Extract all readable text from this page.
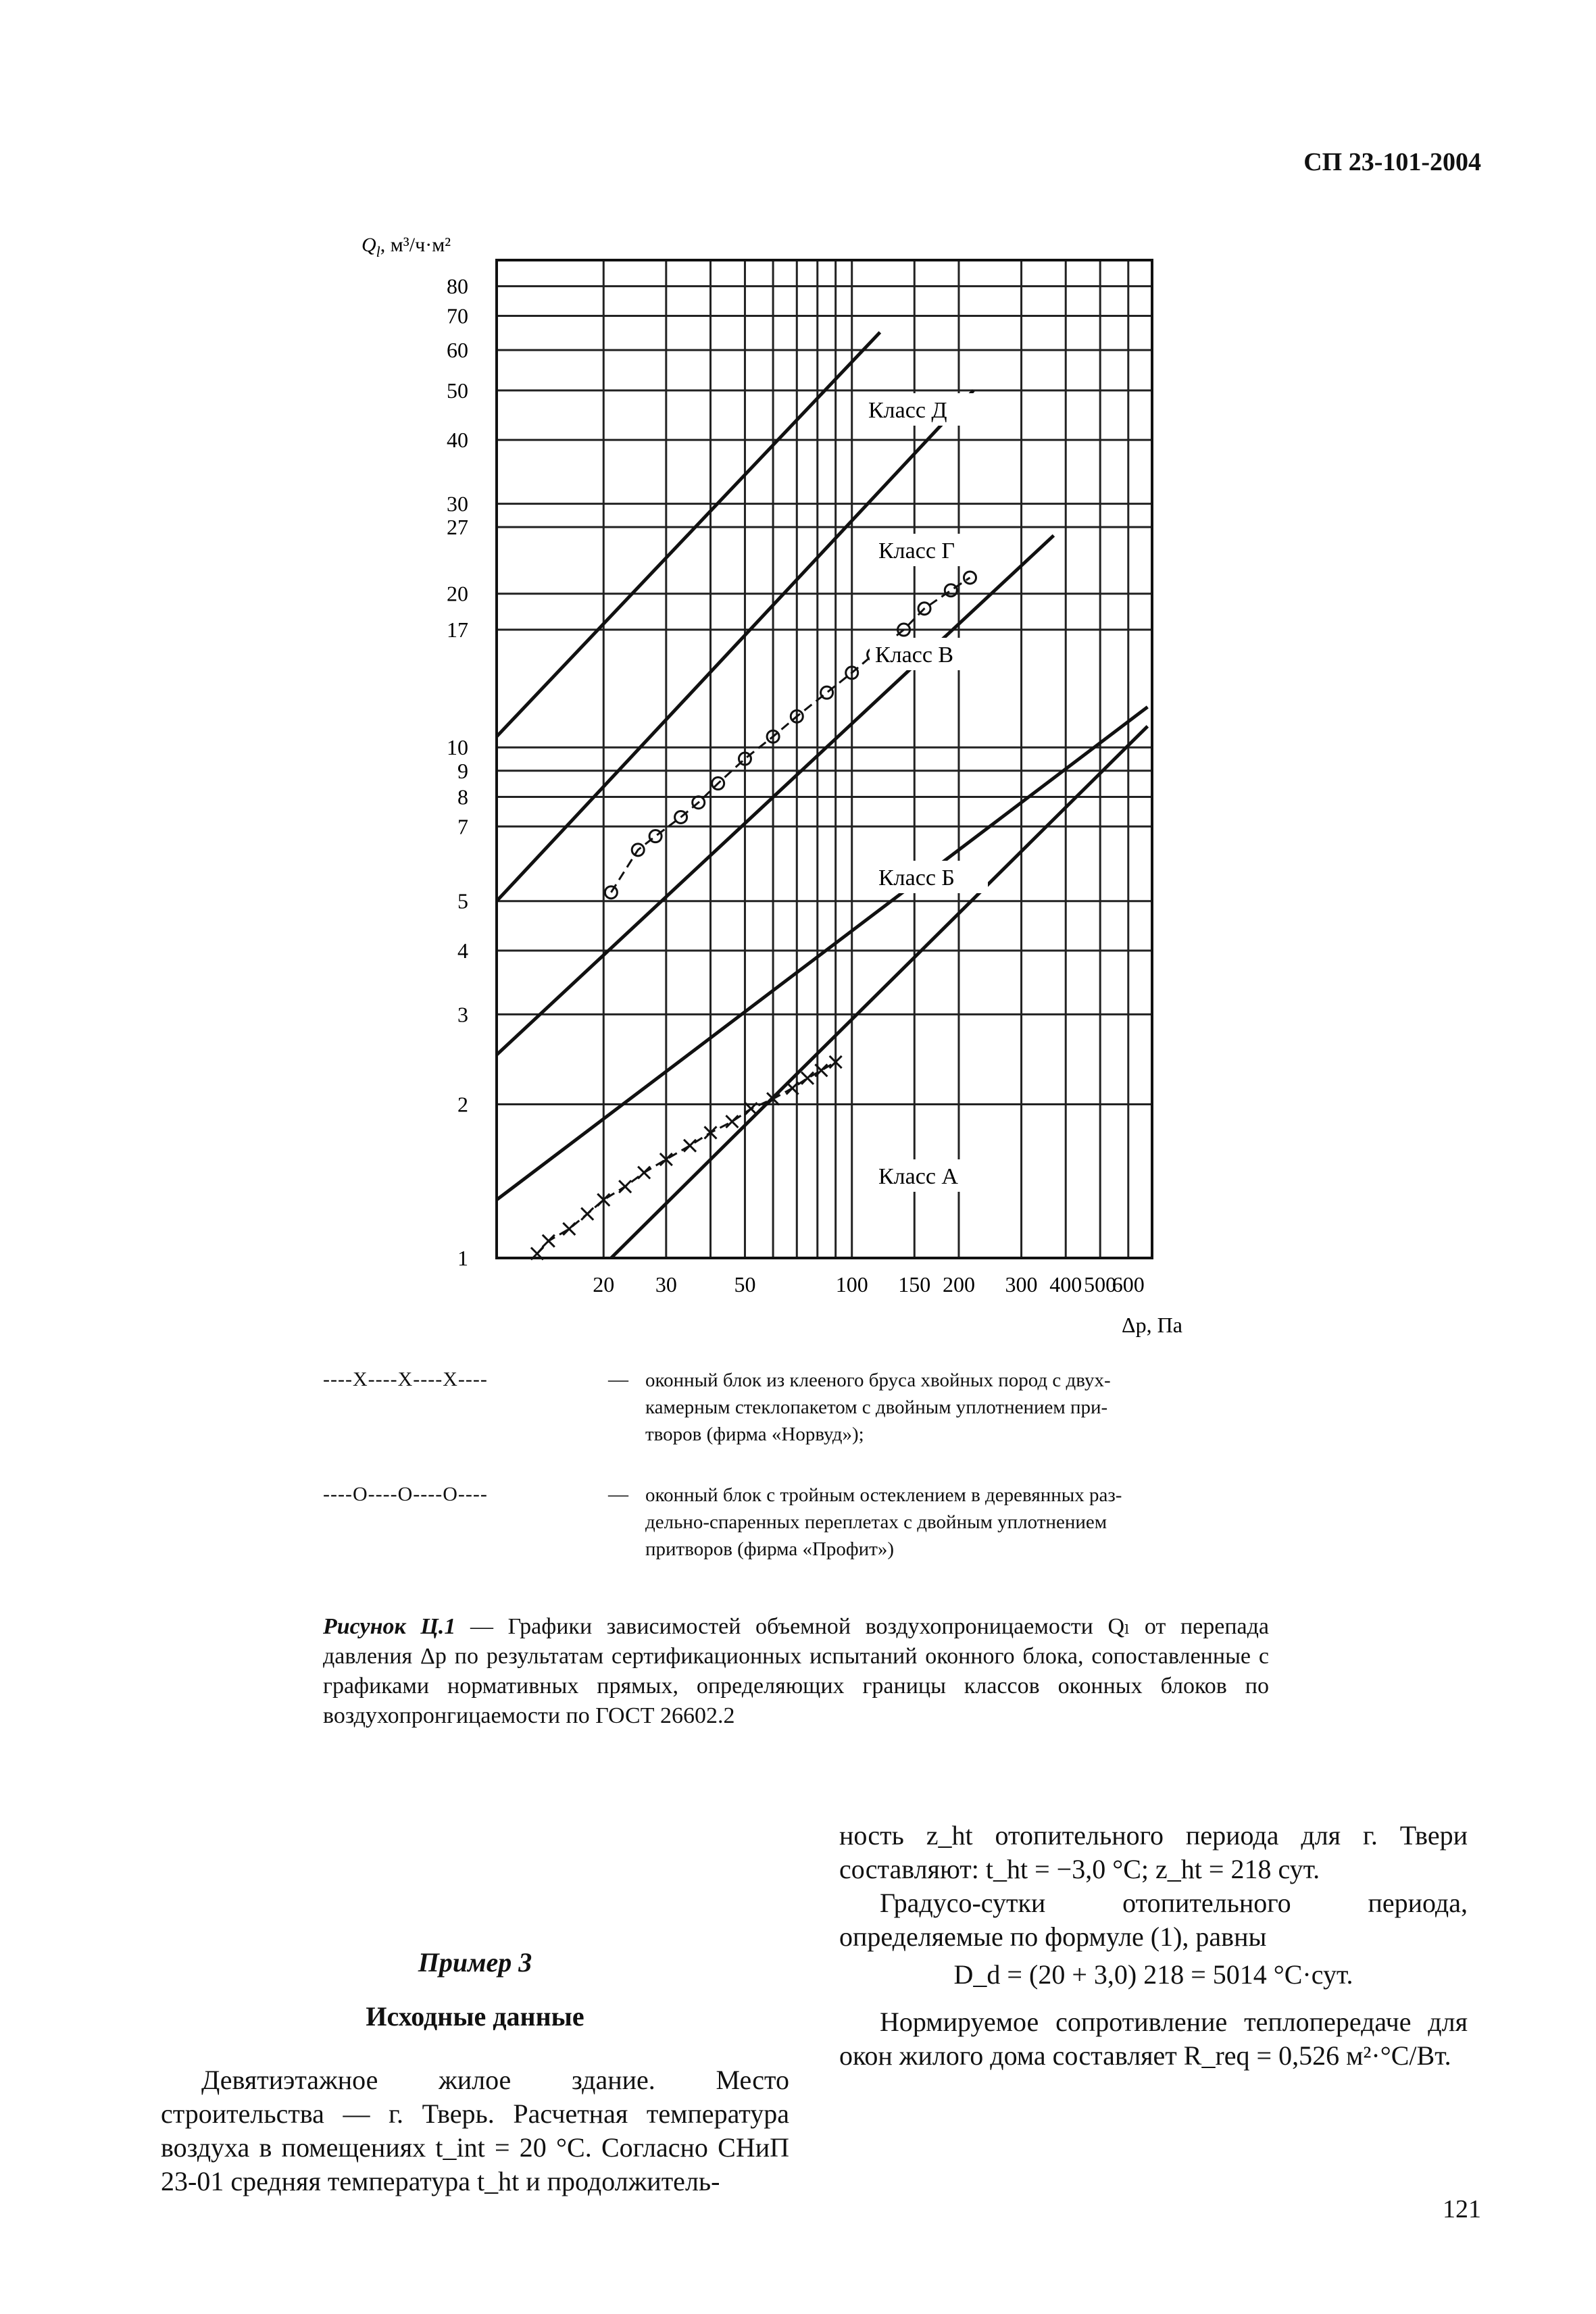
СП 23-101-2004
80
70
60
50
40
30
27
20
17
10
9
8
7
5
4
3
2
1
20 30	50	100 150 200 300 400 500
600
Класс Д
Класс Г
Класс В
Класс Б
Класс А
$Q_l$, м³/ч·м²
Δp, Па
----X----X----X----	— оконный блок из клееного бруса хвойных пород с двух-
камерным стеклопакетом с двойным уплотнением при-
творов (фирма «Норвуд»);
----O----O----O----	— оконный блок с тройным остеклением в деревянных раз-
дельно-спаренных переплетах с двойным уплотнением
притворов (фирма «Профит»)
Рисунок Ц.1 — Графики зависимостей объемной воздухопроницаемости Qₗ от перепада давления Δp по результатам сертификационных испытаний оконного блока, сопоставленные с графиками нормативных прямых, определяющих границы классов оконных блоков по воздухопронгицаемости по ГОСТ 26602.2
Пример 3
Исходные данные
Девятиэтажное жилое здание. Место строительства — г. Тверь. Расчетная температура воздуха в помещениях t_int = 20 °С. Согласно СНиП 23-01 средняя температура t_ht и продолжитель-
ность z_ht отопительного периода для г. Твери составляют: t_ht = −3,0 °С; z_ht = 218 сут.
Градусо-сутки отопительного периода, определяемые по формуле (1), равны
D_d = (20 + 3,0) 218 = 5014 °С·сут.
Нормируемое сопротивление теплопередаче для окон жилого дома составляет R_req = 0,526 м²·°С/Вт.
121
